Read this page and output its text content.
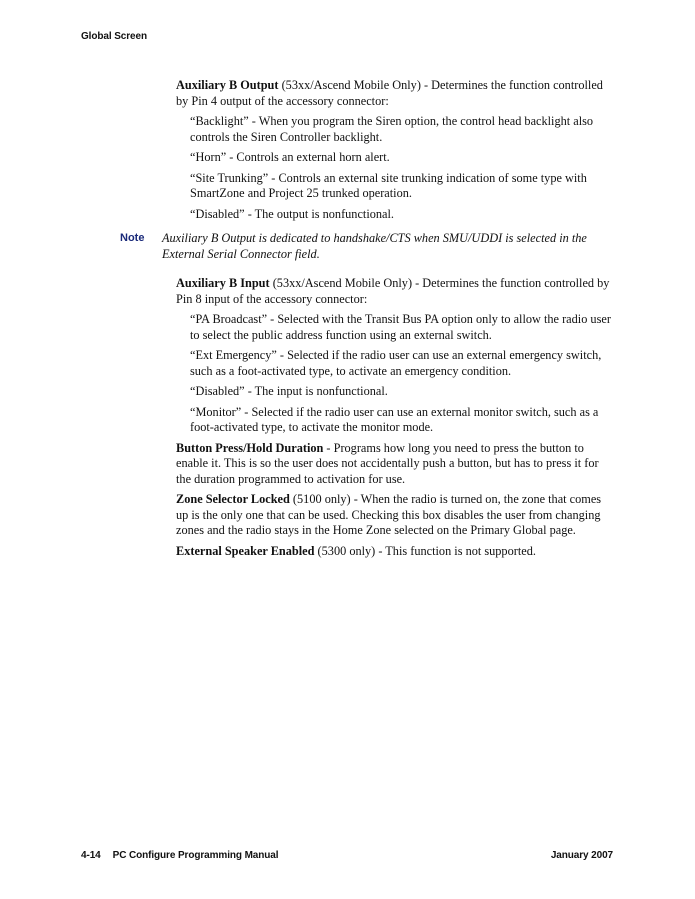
Global Screen

Auxiliary B Output (53xx/Ascend Mobile Only) - Determines the function controlled by Pin 4 output of the accessory connector:

“Backlight” - When you program the Siren option, the control head backlight also controls the Siren Controller backlight.

“Horn” - Controls an external horn alert.

“Site Trunking” - Controls an external site trunking indication of some type with SmartZone and Project 25 trunked operation.

“Disabled” - The output is nonfunctional.

Note Auxiliary B Output is dedicated to handshake/CTS when SMU/UDDI is selected in the External Serial Connector field.

Auxiliary B Input (53xx/Ascend Mobile Only) - Determines the function controlled by Pin 8 input of the accessory connector:

“PA Broadcast” - Selected with the Transit Bus PA option only to allow the radio user to select the public address function using an external switch.

“Ext Emergency” - Selected if the radio user can use an external emergency switch, such as a foot-activated type, to activate an emergency condition.

“Disabled” - The input is nonfunctional.

“Monitor” - Selected if the radio user can use an external monitor switch, such as a foot-activated type, to activate the monitor mode.

Button Press/Hold Duration - Programs how long you need to press the button to enable it. This is so the user does not accidentally push a button, but has to press it for the duration programmed to activation for use.

Zone Selector Locked (5100 only) - When the radio is turned on, the zone that comes up is the only one that can be used. Checking this box disables the user from changing zones and the radio stays in the Home Zone selected on the Primary Global page.

External Speaker Enabled (5300 only) - This function is not supported.

4-14 PC Configure Programming Manual	January 2007
